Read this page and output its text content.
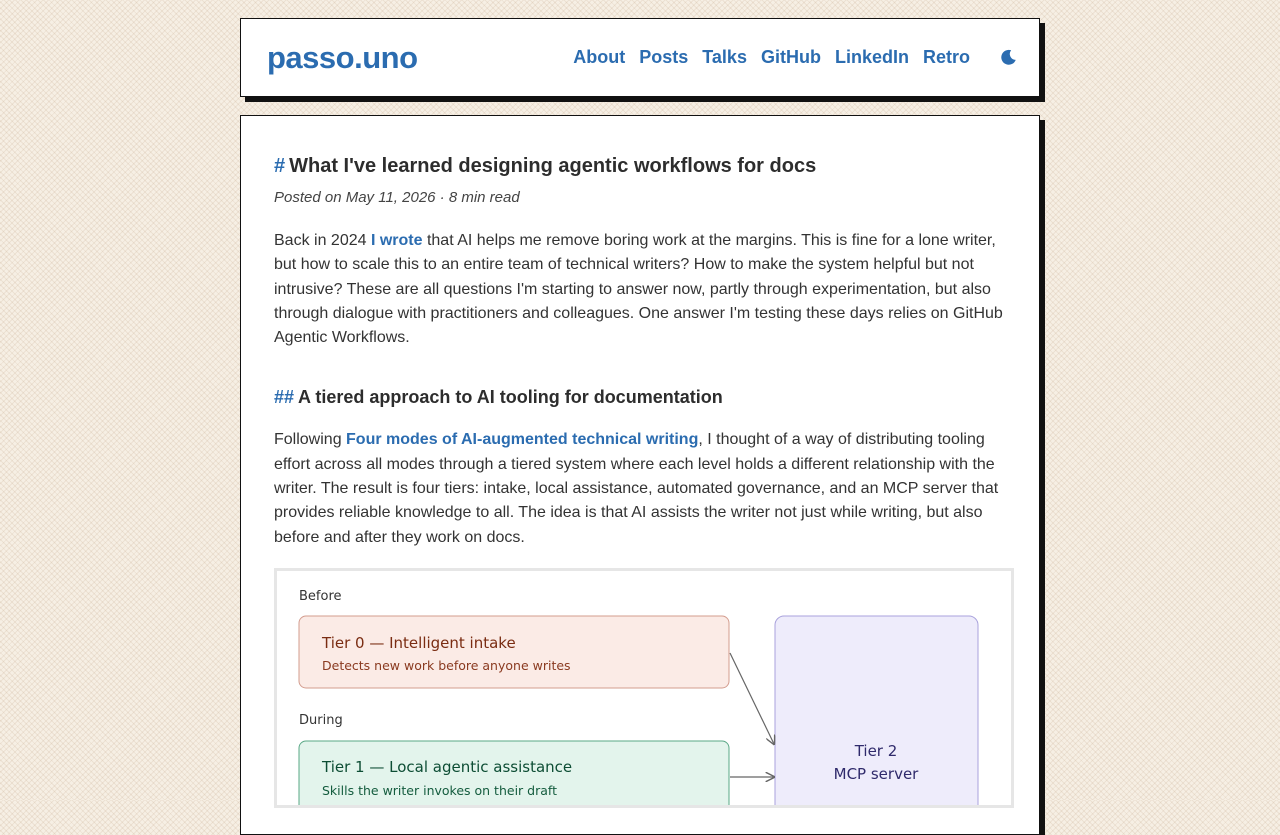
passo.uno	About Posts Talks GitHub LinkedIn Retro
# What I've learned designing agentic workflows for docs
Posted on May 11, 2026 · 8 min read

Back in 2024 I wrote that AI helps me remove boring work at the margins. This is fine for a lone writer, but how to scale this to an entire team of technical writers? How to make the system helpful but not intrusive? These are all questions I'm starting to answer now, partly through experimentation, but also through dialogue with practitioners and colleagues. One answer I'm testing these days relies on GitHub Agentic Workflows.

## A tiered approach to AI tooling for documentation

Following Four modes of AI-augmented technical writing, I thought of a way of distributing tooling effort across all modes through a tiered system where each level holds a different relationship with the writer. The result is four tiers: intake, local assistance, automated governance, and an MCP server that provides reliable knowledge to all. The idea is that AI assists the writer not just while writing, but also before and after they work on docs.

Before
Tier 0 — Intelligent intake
Detects new work before anyone writes
During
Tier 1 — Local agentic assistance
Skills the writer invokes on their draft
Tier 2
MCP server
